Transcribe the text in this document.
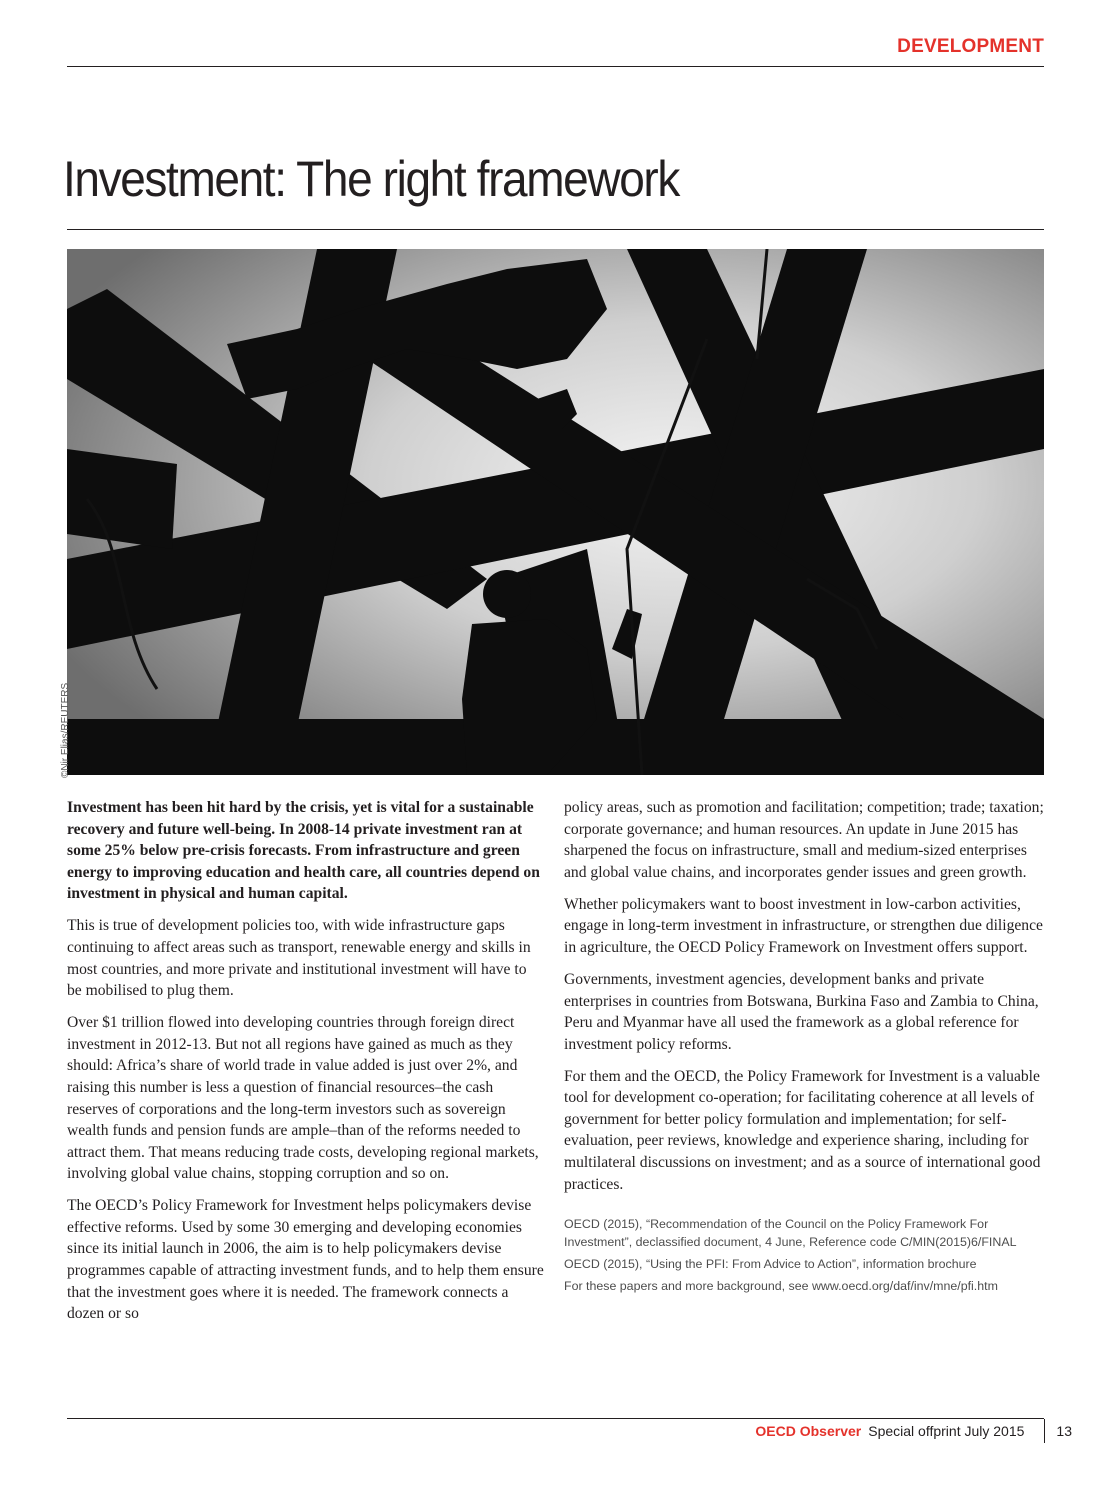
DEVELOPMENT
Investment: The right framework
©Nir Elias/REUTERS

Investment has been hit hard by the crisis, yet is vital for a sustainable recovery and future well-being. In 2008-14 private investment ran at some 25% below pre-crisis forecasts. From infrastructure and green energy to improving education and health care, all countries depend on investment in physical and human capital.

This is true of development policies too, with wide infrastructure gaps continuing to affect areas such as transport, renewable energy and skills in most countries, and more private and institutional investment will have to be mobilised to plug them.

Over $1 trillion flowed into developing countries through foreign direct investment in 2012-13. But not all regions have gained as much as they should: Africa’s share of world trade in value added is just over 2%, and raising this number is less a question of financial resources–the cash reserves of corporations and the long-term investors such as sovereign wealth funds and pension funds are ample–than of the reforms needed to attract them. That means reducing trade costs, developing regional markets, involving global value chains, stopping corruption and so on.

The OECD’s Policy Framework for Investment helps policymakers devise effective reforms. Used by some 30 emerging and developing economies since its initial launch in 2006, the aim is to help policymakers devise programmes capable of attracting investment funds, and to help them ensure that the investment goes where it is needed. The framework connects a dozen or so

policy areas, such as promotion and facilitation; competition; trade; taxation; corporate governance; and human resources. An update in June 2015 has sharpened the focus on infrastructure, small and medium-sized enterprises and global value chains, and incorporates gender issues and green growth.

Whether policymakers want to boost investment in low-carbon activities, engage in long-term investment in infrastructure, or strengthen due diligence in agriculture, the OECD Policy Framework on Investment offers support.

Governments, investment agencies, development banks and private enterprises in countries from Botswana, Burkina Faso and Zambia to China, Peru and Myanmar have all used the framework as a global reference for investment policy reforms.

For them and the OECD, the Policy Framework for Investment is a valuable tool for development co-operation; for facilitating coherence at all levels of government for better policy formulation and implementation; for self-evaluation, peer reviews, knowledge and experience sharing, including for multilateral discussions on investment; and as a source of international good practices.

OECD (2015), “Recommendation of the Council on the Policy Framework For Investment”, declassified document, 4 June, Reference code C/MIN(2015)6/FINAL
OECD (2015), “Using the PFI: From Advice to Action”, information brochure
For these papers and more background, see www.oecd.org/daf/inv/mne/pfi.htm
OECD Observer Special offprint July 2015 13
